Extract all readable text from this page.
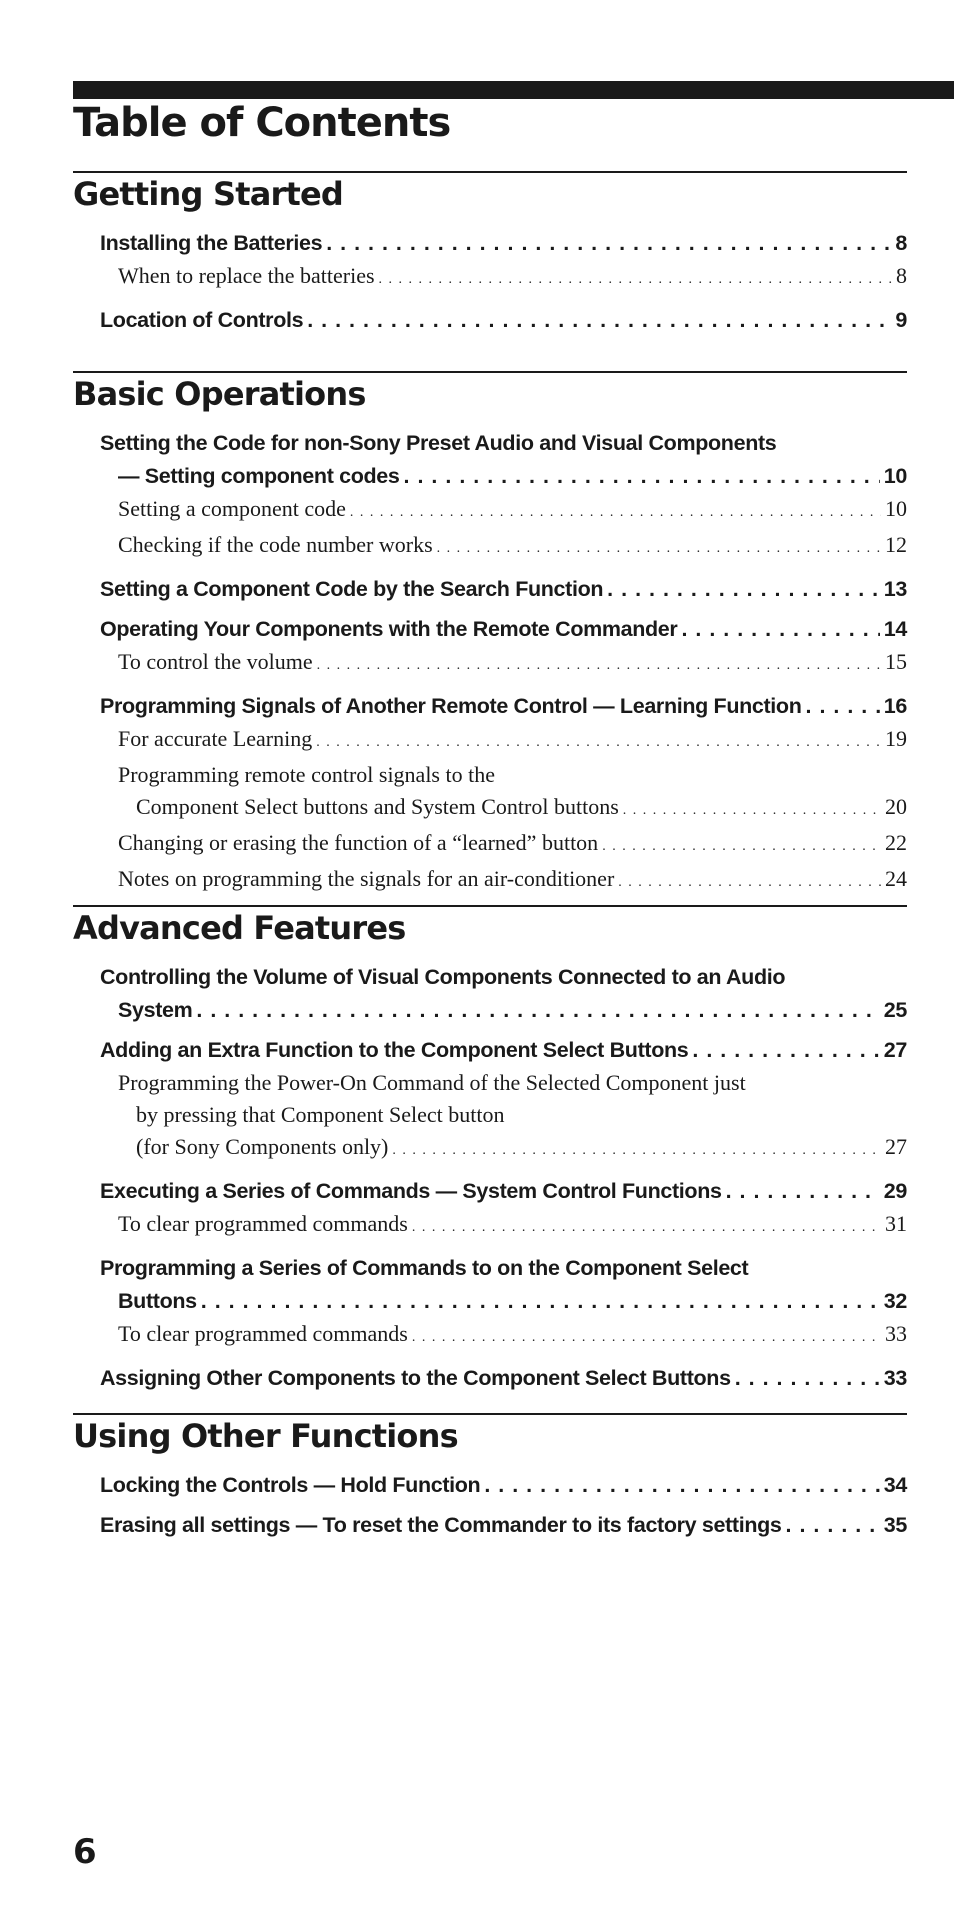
Table of Contents
Getting Started
Installing the Batteries . . .	8
When to replace the batteries . . .	8
Location of Controls . . .	9
Basic Operations
Setting the Code for non-Sony Preset Audio and Visual Components
— Setting component codes . . .	10
Setting a component code . . .	10
Checking if the code number works . . .	12
Setting a Component Code by the Search Function . . .	13
Operating Your Components with the Remote Commander . . .	14
To control the volume . . .	15
Programming Signals of Another Remote Control — Learning Function . . .	16
For accurate Learning . . .	19
Programming remote control signals to the
Component Select buttons and System Control buttons . . .	20
Changing or erasing the function of a “learned” button . . .	22
Notes on programming the signals for an air-conditioner . . .	24
Advanced Features
Controlling the Volume of Visual Components Connected to an Audio
System . . .	25
Adding an Extra Function to the Component Select Buttons . . .	27
Programming the Power-On Command of the Selected Component just
by pressing that Component Select button
(for Sony Components only) . . .	27
Executing a Series of Commands — System Control Functions . . .	29
To clear programmed commands . . .	31
Programming a Series of Commands to on the Component Select
Buttons . . .	32
To clear programmed commands . . .	33
Assigning Other Components to the Component Select Buttons . . .	33
Using Other Functions
Locking the Controls — Hold Function . . .	34
Erasing all settings — To reset the Commander to its factory settings . . .	35
6
